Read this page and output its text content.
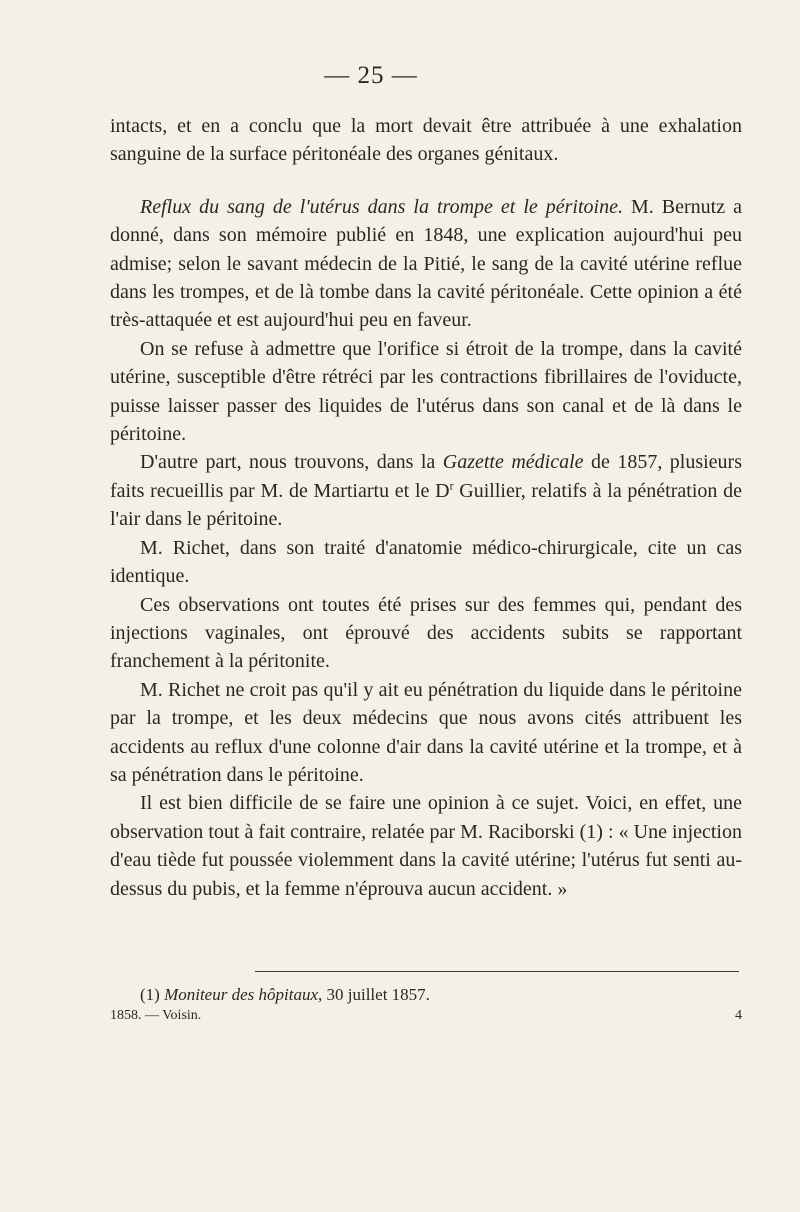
— 25 —

intacts, et en a conclu que la mort devait être attribuée à une exhalation sanguine de la surface péritonéale des organes génitaux.

Reflux du sang de l'utérus dans la trompe et le péritoine. M. Bernutz a donné, dans son mémoire publié en 1848, une explication aujourd'hui peu admise; selon le savant médecin de la Pitié, le sang de la cavité utérine reflue dans les trompes, et de là tombe dans la cavité péritonéale. Cette opinion a été très-attaquée et est aujourd'hui peu en faveur.

On se refuse à admettre que l'orifice si étroit de la trompe, dans la cavité utérine, susceptible d'être rétréci par les contractions fibrillaires de l'oviducte, puisse laisser passer des liquides de l'utérus dans son canal et de là dans le péritoine.

D'autre part, nous trouvons, dans la Gazette médicale de 1857, plusieurs faits recueillis par M. de Martiartu et le $D^r$ Guillier, relatifs à la pénétration de l'air dans le péritoine.

M. Richet, dans son traité d'anatomie médico-chirurgicale, cite un cas identique.

Ces observations ont toutes été prises sur des femmes qui, pendant des injections vaginales, ont éprouvé des accidents subits se rapportant franchement à la péritonite.

M. Richet ne croit pas qu'il y ait eu pénétration du liquide dans le péritoine par la trompe, et les deux médecins que nous avons cités attribuent les accidents au reflux d'une colonne d'air dans la cavité utérine et la trompe, et à sa pénétration dans le péritoine.

Il est bien difficile de se faire une opinion à ce sujet. Voici, en effet, une observation tout à fait contraire, relatée par M. Raciborski (1) : « Une injection d'eau tiède fut poussée violemment dans la cavité utérine; l'utérus fut senti au-dessus du pubis, et la femme n'éprouva aucun accident. »

(1) Moniteur des hôpitaux, 30 juillet 1857.
1858. — Voisin.	4
